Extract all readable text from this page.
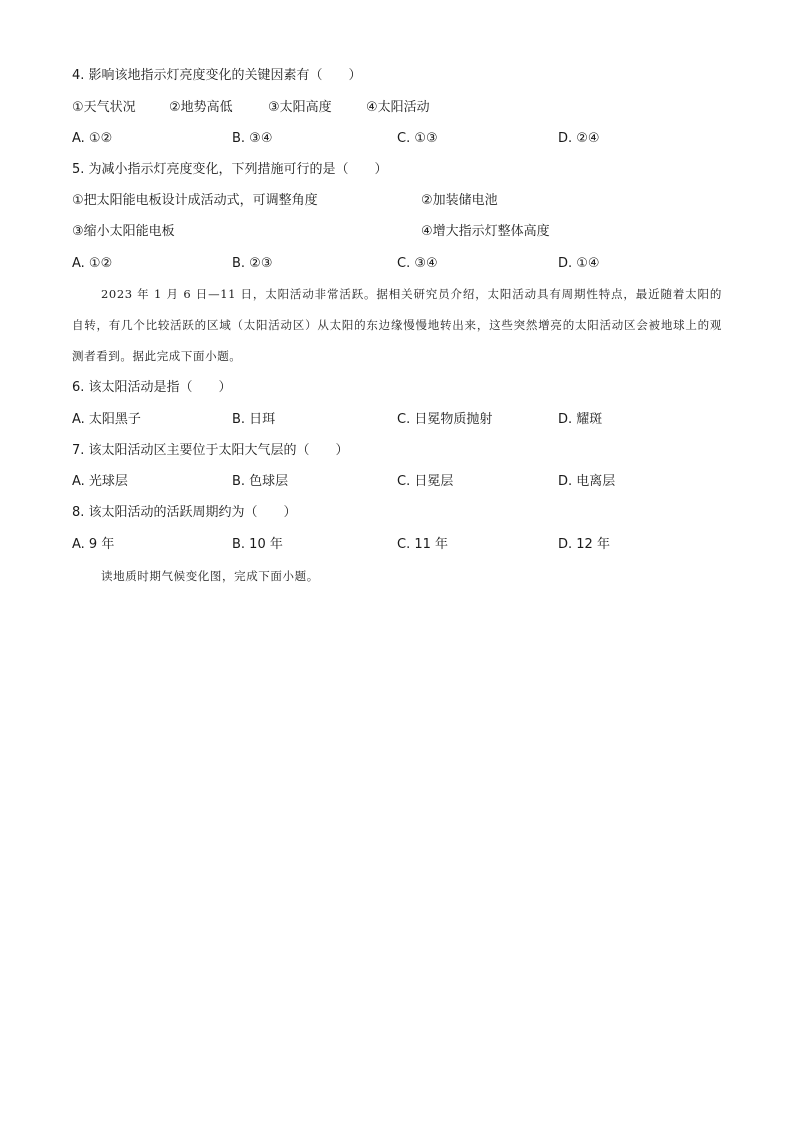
4. 影响该地指示灯亮度变化的关键因素有（　　）
①天气状况	②地势高低	③太阳高度	④太阳活动
A. ①②	B. ③④	C. ①③	D. ②④
5. 为减小指示灯亮度变化，下列措施可行的是（　　）
①把太阳能电板设计成活动式，可调整角度	②加装储电池
③缩小太阳能电板	④增大指示灯整体高度
A. ①②	B. ②③	C. ③④	D. ①④
2023 年 1 月 6 日—11 日，太阳活动非常活跃。据相关研究员介绍，太阳活动具有周期性特点，最近随着太阳的自转，有几个比较活跃的区域（太阳活动区）从太阳的东边缘慢慢地转出来，这些突然增亮的太阳活动区会被地球上的观测者看到。据此完成下面小题。
6. 该太阳活动是指（　　）
A. 太阳黑子	B. 日珥	C. 日冕物质抛射	D. 耀斑
7. 该太阳活动区主要位于太阳大气层的（　　）
A. 光球层	B. 色球层	C. 日冕层	D. 电离层
8. 该太阳活动的活跃周期约为（　　）
A. 9 年	B. 10 年	C. 11 年	D. 12 年
读地质时期气候变化图，完成下面小题。
